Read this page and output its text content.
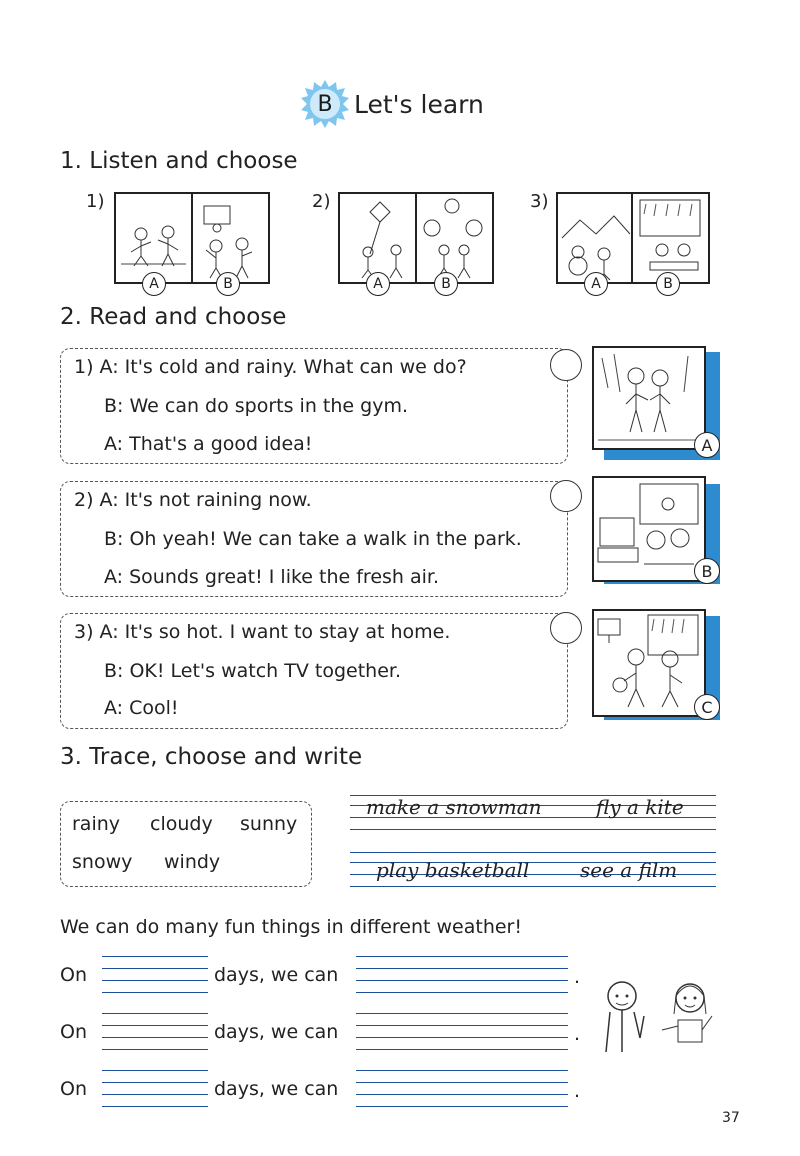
B Let's learn
1. Listen and choose
1)
A	B
2)
A	B
3)
A	B
2. Read and choose
1) A: It's cold and rainy. What can we do?
B: We can do sports in the gym.
A: That's a good idea!	A
2) A: It's not raining now.
B: Oh yeah! We can take a walk in the park.
A: Sounds great! I like the fresh air.	B
3) A: It's so hot. I want to stay at home.
B: OK! Let's watch TV together.
A: Cool!	C
3. Trace, choose and write
rainy cloudy sunny
snowy windy
make a snowman	fly a kite
play basketball	see a film
We can do many fun things in different weather!
On	days, we can	.
On	days, we can	.
On	days, we can	.
37
